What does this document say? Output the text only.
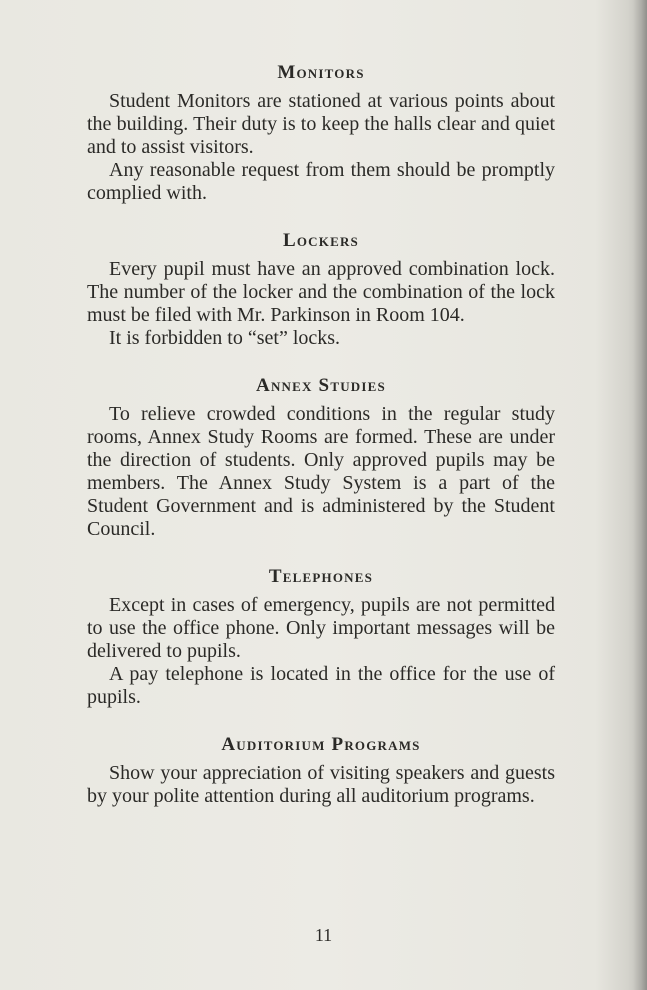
Monitors

Student Monitors are stationed at various points about the building. Their duty is to keep the halls clear and quiet and to assist visitors.

Any reasonable request from them should be promptly complied with.

Lockers

Every pupil must have an approved combination lock. The number of the locker and the combination of the lock must be filed with Mr. Parkinson in Room 104.

It is forbidden to “set” locks.

Annex Studies

To relieve crowded conditions in the regular study rooms, Annex Study Rooms are formed. These are under the direction of students. Only approved pupils may be members. The Annex Study System is a part of the Student Government and is administered by the Student Council.

Telephones

Except in cases of emergency, pupils are not permitted to use the office phone. Only important messages will be delivered to pupils.

A pay telephone is located in the office for the use of pupils.

Auditorium Programs

Show your appreciation of visiting speakers and guests by your polite attention during all auditorium programs.

11
